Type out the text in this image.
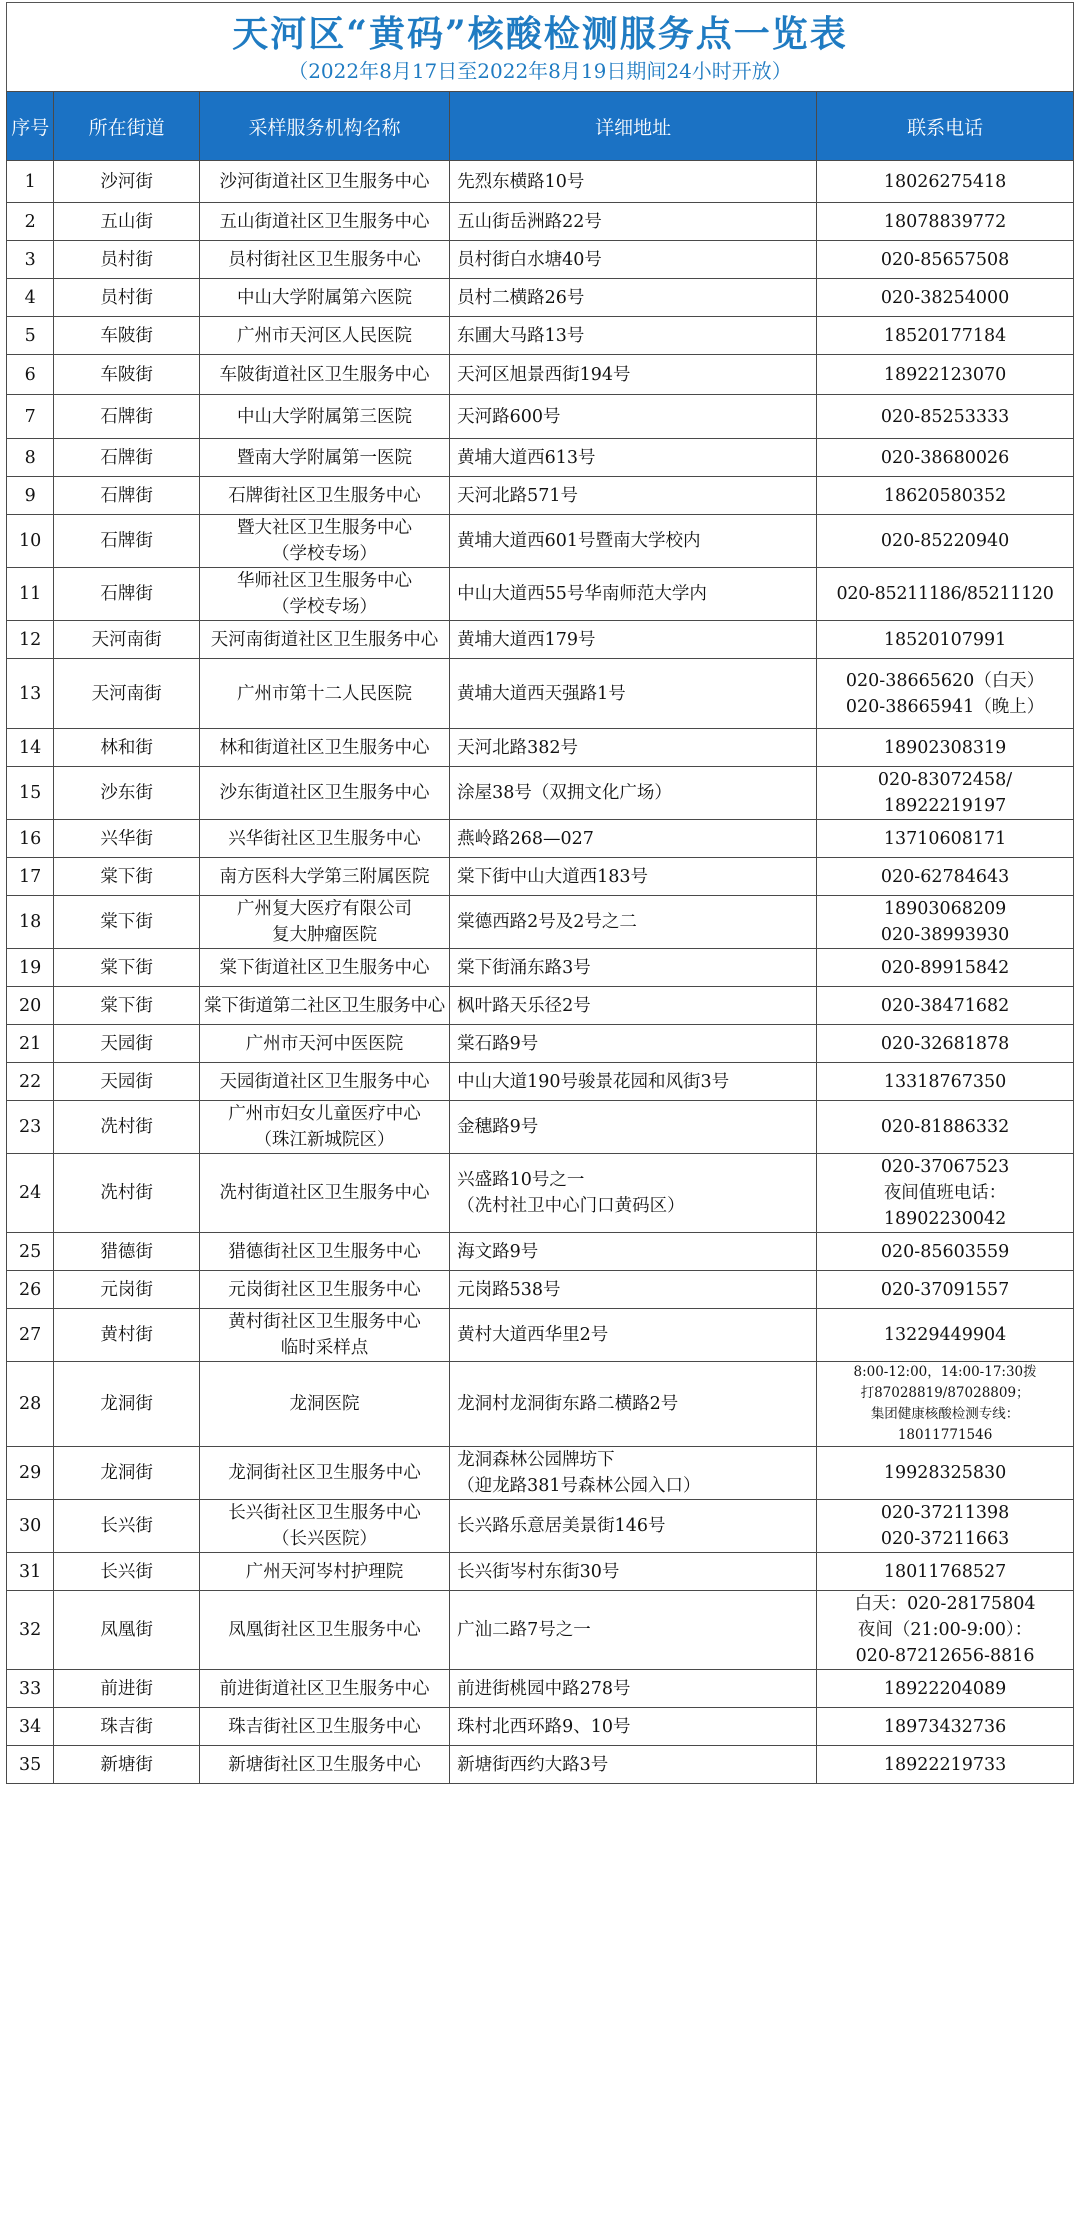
天河区“黄码”核酸检测服务点一览表
（2022年8月17日至2022年8月19日期间24小时开放）
序号	所在街道	采样服务机构名称	详细地址	联系电话
1	沙河街	沙河街道社区卫生服务中心	先烈东横路10号	18026275418
2	五山街	五山街道社区卫生服务中心	五山街岳洲路22号	18078839772
3	员村街	员村街社区卫生服务中心	员村街白水塘40号	020-85657508
4	员村街	中山大学附属第六医院	员村二横路26号	020-38254000
5	车陂街	广州市天河区人民医院	东圃大马路13号	18520177184
6	车陂街	车陂街道社区卫生服务中心	天河区旭景西街194号	18922123070
7	石牌街	中山大学附属第三医院	天河路600号	020-85253333
8	石牌街	暨南大学附属第一医院	黄埔大道西613号	020-38680026
9	石牌街	石牌街社区卫生服务中心	天河北路571号	18620580352
10	石牌街	暨大社区卫生服务中心
（学校专场）	黄埔大道西601号暨南大学校内	020-85220940
11	石牌街	华师社区卫生服务中心
（学校专场）	中山大道西55号华南师范大学内	020-85211186/85211120
12	天河南街	天河南街道社区卫生服务中心	黄埔大道西179号	18520107991
13	天河南街	广州市第十二人民医院	黄埔大道西天强路1号	020-38665620（白天）
020-38665941（晚上）
14	林和街	林和街道社区卫生服务中心	天河北路382号	18902308319
15	沙东街	沙东街道社区卫生服务中心	涂屋38号（双拥文化广场）	020-83072458/
18922219197
16	兴华街	兴华街社区卫生服务中心	燕岭路268—027	13710608171
17	棠下街	南方医科大学第三附属医院	棠下街中山大道西183号	020-62784643
18	棠下街	广州复大医疗有限公司
复大肿瘤医院	棠德西路2号及2号之二	18903068209
020-38993930
19	棠下街	棠下街道社区卫生服务中心	棠下街涌东路3号	020-89915842
20	棠下街	棠下街道第二社区卫生服务中心	枫叶路天乐径2号	020-38471682
21	天园街	广州市天河中医医院	棠石路9号	020-32681878
22	天园街	天园街道社区卫生服务中心	中山大道190号骏景花园和风街3号	13318767350
23	冼村街	广州市妇女儿童医疗中心
（珠江新城院区）	金穗路9号	020-81886332
24	冼村街	冼村街道社区卫生服务中心	兴盛路10号之一
（冼村社卫中心门口黄码区）	020-37067523
夜间值班电话：
18902230042
25	猎德街	猎德街社区卫生服务中心	海文路9号	020-85603559
26	元岗街	元岗街社区卫生服务中心	元岗路538号	020-37091557
27	黄村街	黄村街社区卫生服务中心
临时采样点	黄村大道西华里2号	13229449904
28	龙洞街	龙洞医院	龙洞村龙洞街东路二横路2号	8:00-12:00，14:00-17:30拨
打87028819/87028809；
集团健康核酸检测专线：
18011771546
29	龙洞街	龙洞街社区卫生服务中心	龙洞森林公园牌坊下
（迎龙路381号森林公园入口）	19928325830
30	长兴街	长兴街社区卫生服务中心
（长兴医院）	长兴路乐意居美景街146号	020-37211398
020-37211663
31	长兴街	广州天河岑村护理院	长兴街岑村东街30号	18011768527
32	凤凰街	凤凰街社区卫生服务中心	广汕二路7号之一	白天：020-28175804
夜间（21:00-9:00）：
020-87212656-8816
33	前进街	前进街道社区卫生服务中心	前进街桃园中路278号	18922204089
34	珠吉街	珠吉街社区卫生服务中心	珠村北西环路9、10号	18973432736
35	新塘街	新塘街社区卫生服务中心	新塘街西约大路3号	18922219733
